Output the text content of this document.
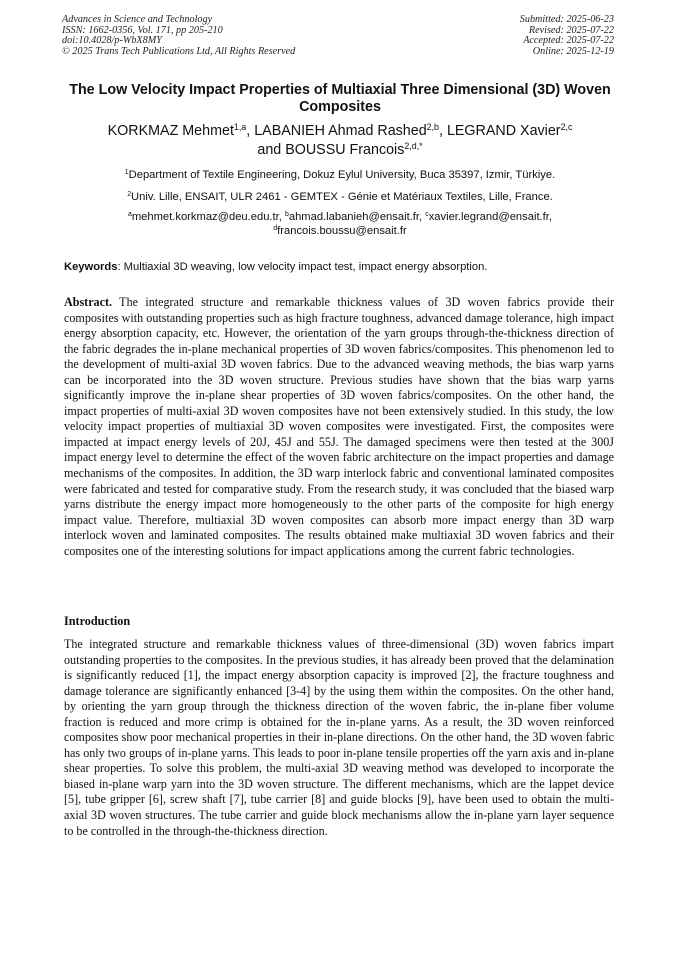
Advances in Science and Technology
ISSN: 1662-0356, Vol. 171, pp 205-210
doi:10.4028/p-WbX8MY
© 2025 Trans Tech Publications Ltd, All Rights Reserved
Submitted: 2025-06-23
Revised: 2025-07-22
Accepted: 2025-07-22
Online: 2025-12-19
The Low Velocity Impact Properties of Multiaxial Three Dimensional (3D) Woven Composites
KORKMAZ Mehmet$^{1,a}$, LABANIEH Ahmad Rashed$^{2,b}$, LEGRAND Xavier$^{2,c}$
and BOUSSU Francois$^{2,d,*}$
$^1$Department of Textile Engineering, Dokuz Eylul University, Buca 35397, Izmir, Türkiye.
$^2$Univ. Lille, ENSAIT, ULR 2461 - GEMTEX - Génie et Matériaux Textiles, Lille, France.
$^a$mehmet.korkmaz@deu.edu.tr, $^b$ahmad.labanieh@ensait.fr, $^c$xavier.legrand@ensait.fr,
$^d$francois.boussu@ensait.fr
Keywords: Multiaxial 3D weaving, low velocity impact test, impact energy absorption.
Abstract. The integrated structure and remarkable thickness values of 3D woven fabrics provide their composites with outstanding properties such as high fracture toughness, advanced damage tolerance, high impact energy absorption capacity, etc. However, the orientation of the yarn groups through-the-thickness direction of the fabric degrades the in-plane mechanical properties of 3D woven fabrics/composites. This phenomenon led to the development of multi-axial 3D woven fabrics. Due to the advanced weaving methods, the bias warp yarns can be incorporated into the 3D woven structure. Previous studies have shown that the bias warp yarns significantly improve the in-plane shear properties of 3D woven fabrics/composites. On the other hand, the impact properties of multi-axial 3D woven composites have not been extensively studied. In this study, the low velocity impact properties of multiaxial 3D woven composites were investigated. First, the composites were impacted at impact energy levels of 20J, 45J and 55J. The damaged specimens were then tested at the 300J impact energy level to determine the effect of the woven fabric architecture on the impact properties and damage mechanisms of the composites. In addition, the 3D warp interlock fabric and conventional laminated composites were fabricated and tested for comparative study. From the research study, it was concluded that the biased warp yarns distribute the energy impact more homogeneously to the other parts of the composite for high energy impact value. Therefore, multiaxial 3D woven composites can absorb more impact energy than 3D warp interlock woven and laminated composites. The results obtained make multiaxial 3D woven fabrics and their composites one of the interesting solutions for impact applications among the current fabric technologies.
Introduction
The integrated structure and remarkable thickness values of three-dimensional (3D) woven fabrics impart outstanding properties to the composites. In the previous studies, it has already been proved that the delamination is significantly reduced [1], the impact energy absorption capacity is improved [2], the fracture toughness and damage tolerance are significantly enhanced [3-4] by the using them within the composites. On the other hand, by orienting the yarn group through the thickness direction of the woven fabric, the in-plane fiber volume fraction is reduced and more crimp is obtained for the in-plane yarns. As a result, the 3D woven reinforced composites show poor mechanical properties in their in-plane directions. On the other hand, the 3D woven fabric has only two groups of in-plane yarns. This leads to poor in-plane tensile properties off the yarn axis and in-plane shear properties. To solve this problem, the multi-axial 3D weaving method was developed to incorporate the biased in-plane warp yarn into the 3D woven structure. The different mechanisms, which are the lappet device [5], tube gripper [6], screw shaft [7], tube carrier [8] and guide blocks [9], have been used to obtain the multi-axial 3D woven structures. The tube carrier and guide block mechanisms allow the in-plane yarn layer sequence to be controlled in the through-the-thickness direction.
